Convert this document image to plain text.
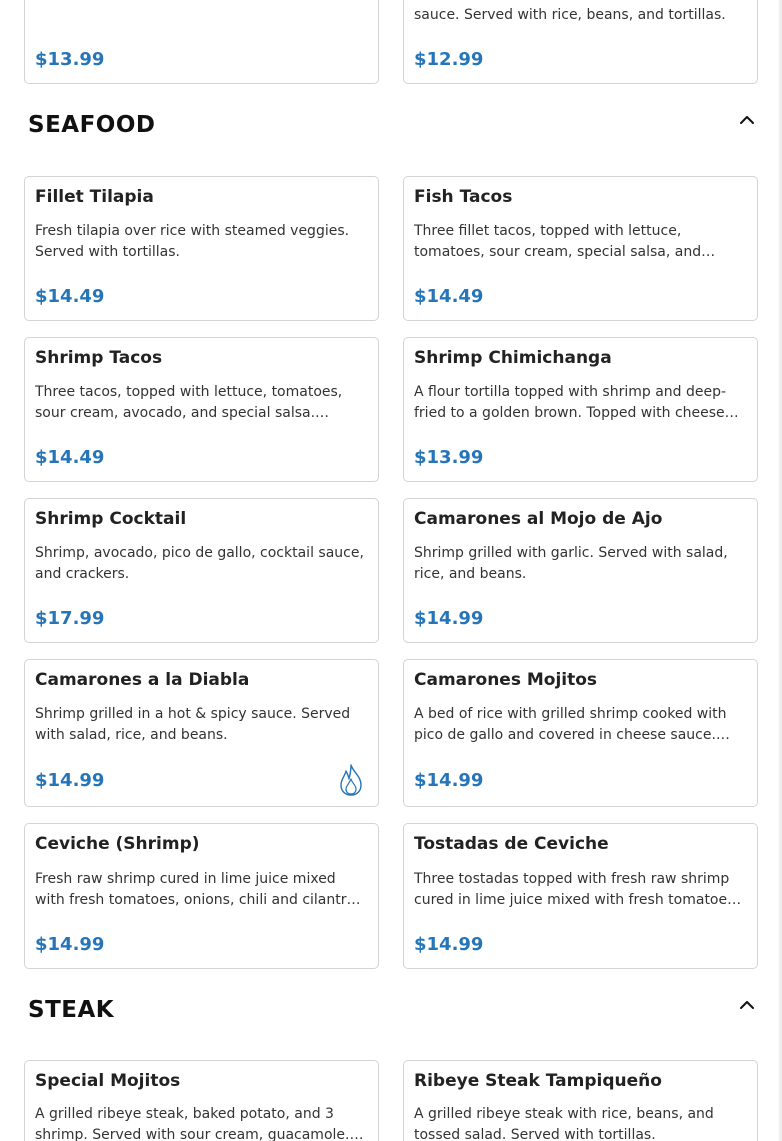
$13.99
sauce. Served with rice, beans, and tortillas.
$12.99
SEAFOOD
Fillet Tilapia
Fresh tilapia over rice with steamed veggies. Served with tortillas.
$14.49
Fish Tacos
Three fillet tacos, topped with lettuce, tomatoes, sour cream, special salsa, and…
$14.49
Shrimp Tacos
Three tacos, topped with lettuce, tomatoes, sour cream, avocado, and special salsa.…
$14.49
Shrimp Chimichanga
A flour tortilla topped with shrimp and deep-fried to a golden brown. Topped with cheese…
$13.99
Shrimp Cocktail
Shrimp, avocado, pico de gallo, cocktail sauce, and crackers.
$17.99
Camarones al Mojo de Ajo
Shrimp grilled with garlic. Served with salad, rice, and beans.
$14.99
Camarones a la Diabla
Shrimp grilled in a hot & spicy sauce. Served with salad, rice, and beans.
$14.99
Camarones Mojitos
A bed of rice with grilled shrimp cooked with pico de gallo and covered in cheese sauce.…
$14.99
Ceviche (Shrimp)
Fresh raw shrimp cured in lime juice mixed with fresh tomatoes, onions, chili and cilantr…
$14.99
Tostadas de Ceviche
Three tostadas topped with fresh raw shrimp cured in lime juice mixed with fresh tomatoe…
$14.99
STEAK
Special Mojitos
A grilled ribeye steak, baked potato, and 3 shrimp. Served with sour cream, guacamole.…
Ribeye Steak Tampiqueño
A grilled ribeye steak with rice, beans, and tossed salad. Served with tortillas.
